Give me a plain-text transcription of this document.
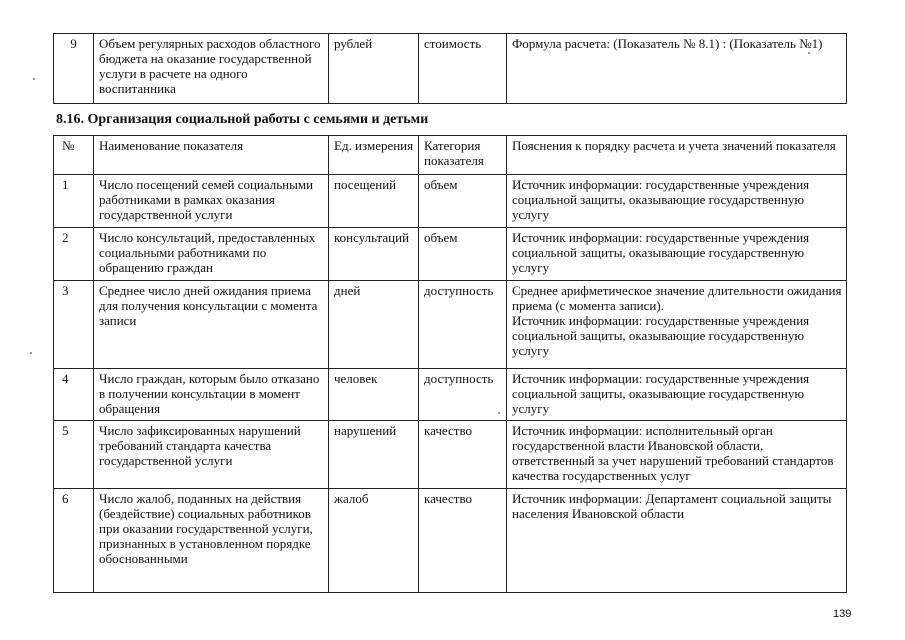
9	Объем регулярных расходов областного бюджета на оказание государственной услуги в расчете на одного воспитанника	рублей	стоимость	Формула расчета: (Показатель № 8.1) : (Показатель №1)

8.16. Организация социальной работы с семьями и детьми

№	Наименование показателя	Ед. измерения	Категория показателя	Пояснения к порядку расчета и учета значений показателя
1	Число посещений семей социальными работниками в рамках оказания государственной услуги	посещений	объем	Источник информации: государственные учреждения социальной защиты, оказывающие государственную услугу
2	Число консультаций, предоставленных социальными работниками по обращению граждан	консультаций	объем	Источник информации: государственные учреждения социальной защиты, оказывающие государственную услугу
3	Среднее число дней ожидания приема для получения консультации с момента записи	дней	доступность	Среднее арифметическое значение длительности ожидания приема (с момента записи).
Источник информации: государственные учреждения социальной защиты, оказывающие государственную услугу

4	Число граждан, которым было отказано в получении консультации в момент обращения	человек	доступность	Источник информации: государственные учреждения социальной защиты, оказывающие государственную услугу
5	Число зафиксированных нарушений требований стандарта качества государственной услуги	нарушений	качество	Источник информации: исполнительный орган государственной власти Ивановской области, ответственный за учет нарушений требований стандартов качества государственных услуг
6	Число жалоб, поданных на действия (бездействие) социальных работников при оказании государственной услуги, признанных в установленном порядке обоснованными	жалоб	качество	Источник информации: Департамент социальной защиты населения Ивановской области
139
